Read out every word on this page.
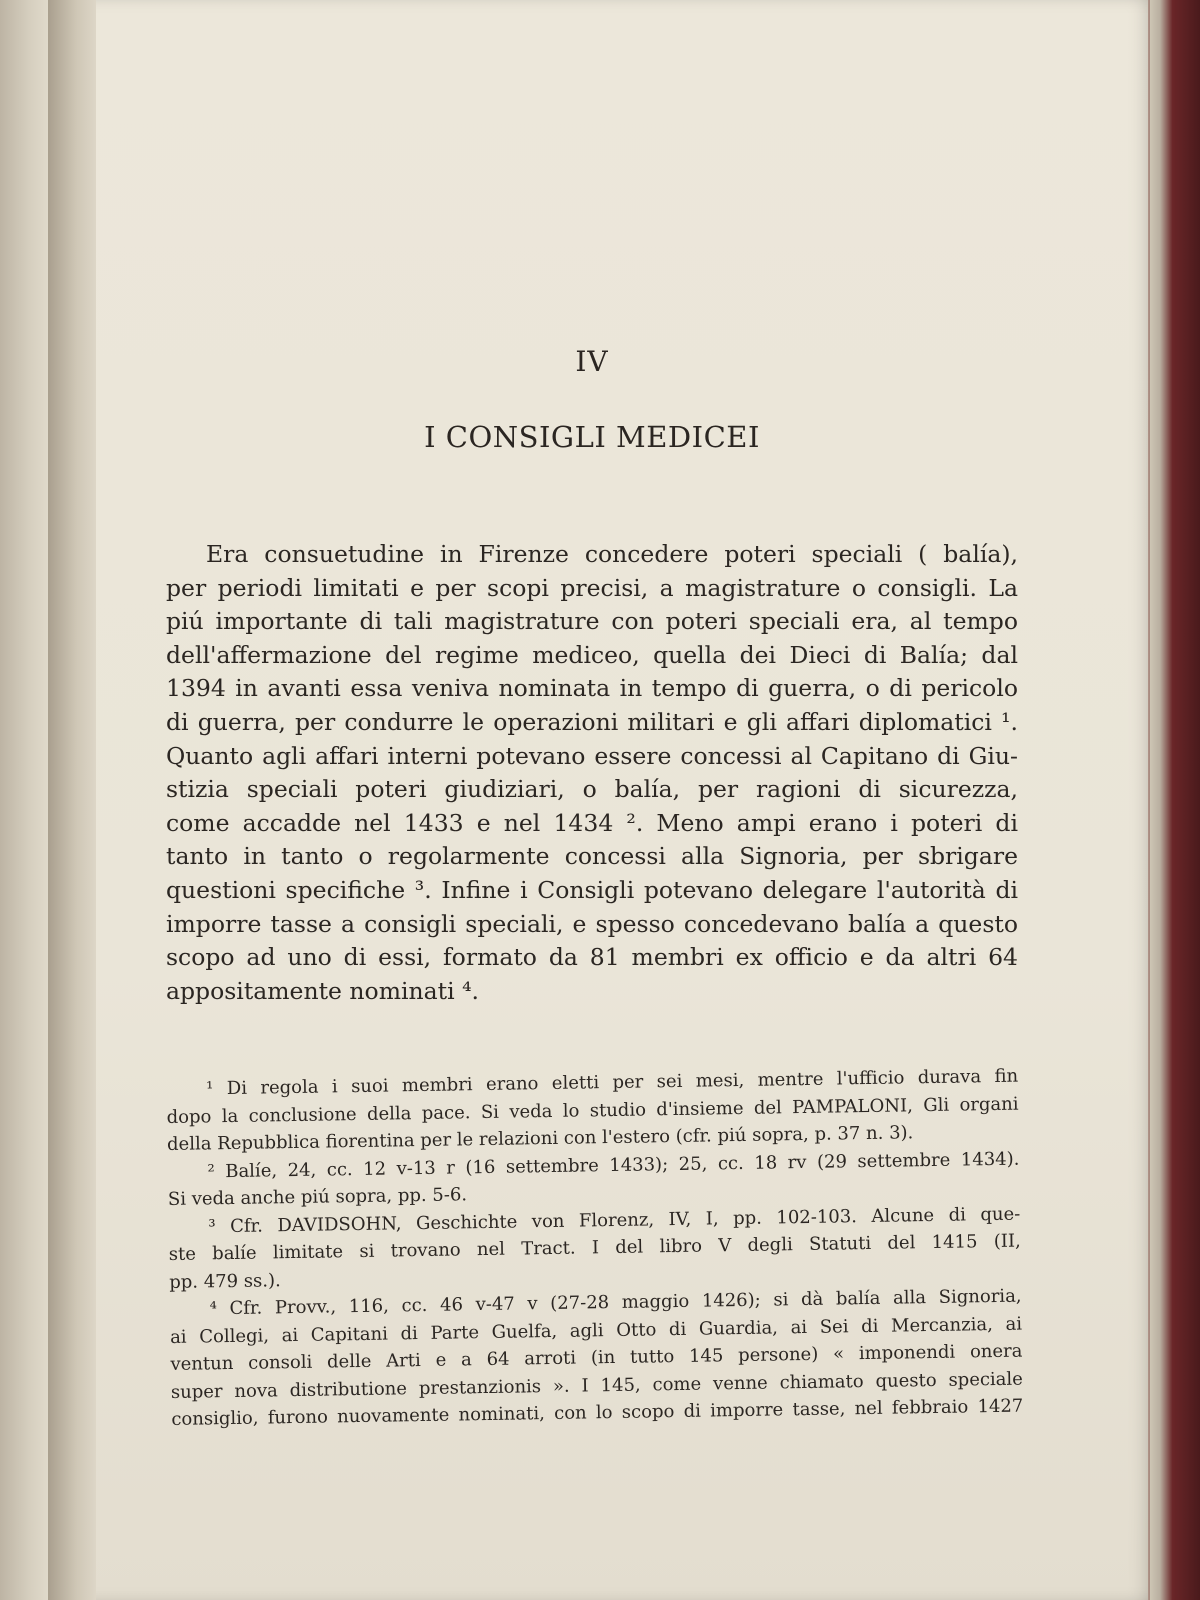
IV
I CONSIGLI MEDICEI
Era consuetudine in Firenze concedere poteri speciali ( balía),
per periodi limitati e per scopi precisi, a magistrature o consigli. La
piú importante di tali magistrature con poteri speciali era, al tempo
dell'affermazione del regime mediceo, quella dei Dieci di Balía; dal
1394 in avanti essa veniva nominata in tempo di guerra, o di pericolo
di guerra, per condurre le operazioni militari e gli affari diplomatici ¹.
Quanto agli affari interni potevano essere concessi al Capitano di Giu-
stizia speciali poteri giudiziari, o balía, per ragioni di sicurezza,
come accadde nel 1433 e nel 1434 ². Meno ampi erano i poteri di
tanto in tanto o regolarmente concessi alla Signoria, per sbrigare
questioni specifiche ³. Infine i Consigli potevano delegare l'autorità di
imporre tasse a consigli speciali, e spesso concedevano balía a questo
scopo ad uno di essi, formato da 81 membri ex officio e da altri 64
appositamente nominati ⁴.
¹ Di regola i suoi membri erano eletti per sei mesi, mentre l'ufficio durava fin
dopo la conclusione della pace. Si veda lo studio d'insieme del PAMPALONI, Gli organi
della Repubblica fiorentina per le relazioni con l'estero (cfr. piú sopra, p. 37 n. 3).
² Balíe, 24, cc. 12 v-13 r (16 settembre 1433); 25, cc. 18 rv (29 settembre 1434).
Si veda anche piú sopra, pp. 5-6.
³ Cfr. DAVIDSOHN, Geschichte von Florenz, IV, I, pp. 102-103. Alcune di que-
ste balíe limitate si trovano nel Tract. I del libro V degli Statuti del 1415 (II,
pp. 479 ss.).
⁴ Cfr. Provv., 116, cc. 46 v-47 v (27-28 maggio 1426); si dà balía alla Signoria,
ai Collegi, ai Capitani di Parte Guelfa, agli Otto di Guardia, ai Sei di Mercanzia, ai
ventun consoli delle Arti e a 64 arroti (in tutto 145 persone) « imponendi onera
super nova distributione prestanzionis ». I 145, come venne chiamato questo speciale
consiglio, furono nuovamente nominati, con lo scopo di imporre tasse, nel febbraio 1427
